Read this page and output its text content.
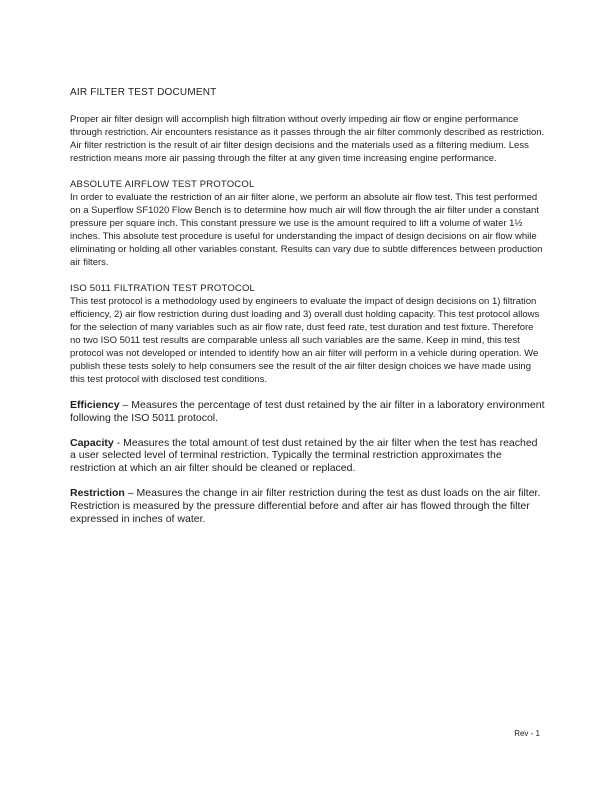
AIR FILTER TEST DOCUMENT

Proper air filter design will accomplish high filtration without overly impeding air flow or engine performance through restriction. Air encounters resistance as it passes through the air filter commonly described as restriction. Air filter restriction is the result of air filter design decisions and the materials used as a filtering medium. Less restriction means more air passing through the filter at any given time increasing engine performance.

ABSOLUTE AIRFLOW TEST PROTOCOL

In order to evaluate the restriction of an air filter alone, we perform an absolute air flow test. This test performed on a Superflow SF1020 Flow Bench is to determine how much air will flow through the air filter under a constant pressure per square inch. This constant pressure we use is the amount required to lift a volume of water 1½ inches. This absolute test procedure is useful for understanding the impact of design decisions on air flow while eliminating or holding all other variables constant. Results can vary due to subtle differences between production air filters.

ISO 5011 FILTRATION TEST PROTOCOL

This test protocol is a methodology used by engineers to evaluate the impact of design decisions on 1) filtration efficiency, 2) air flow restriction during dust loading and 3) overall dust holding capacity. This test protocol allows for the selection of many variables such as air flow rate, dust feed rate, test duration and test fixture. Therefore no two ISO 5011 test results are comparable unless all such variables are the same. Keep in mind, this test protocol was not developed or intended to identify how an air filter will perform in a vehicle during operation. We publish these tests solely to help consumers see the result of the air filter design choices we have made using this test protocol with disclosed test conditions.

Efficiency – Measures the percentage of test dust retained by the air filter in a laboratory environment following the ISO 5011 protocol.

Capacity - Measures the total amount of test dust retained by the air filter when the test has reached a user selected level of terminal restriction. Typically the terminal restriction approximates the restriction at which an air filter should be cleaned or replaced.

Restriction – Measures the change in air filter restriction during the test as dust loads on the air filter. Restriction is measured by the pressure differential before and after air has flowed through the filter expressed in inches of water.

Rev - 1
